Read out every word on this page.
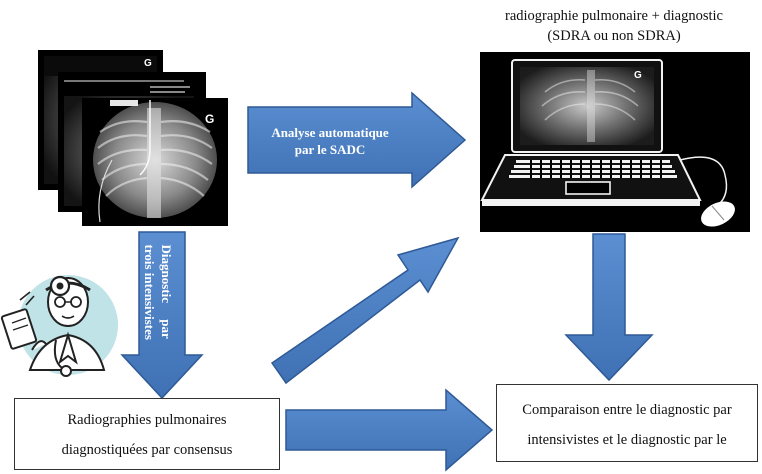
G
G
G
radiographie pulmonaire + diagnostic
(SDRA ou non SDRA)
Analyse automatique
par le SADC

Diagnostic     par
trois intensivistes

Radiographies pulmonaires
diagnostiquées par consensus
Comparaison entre le diagnostic par
intensivistes et le diagnostic par le
